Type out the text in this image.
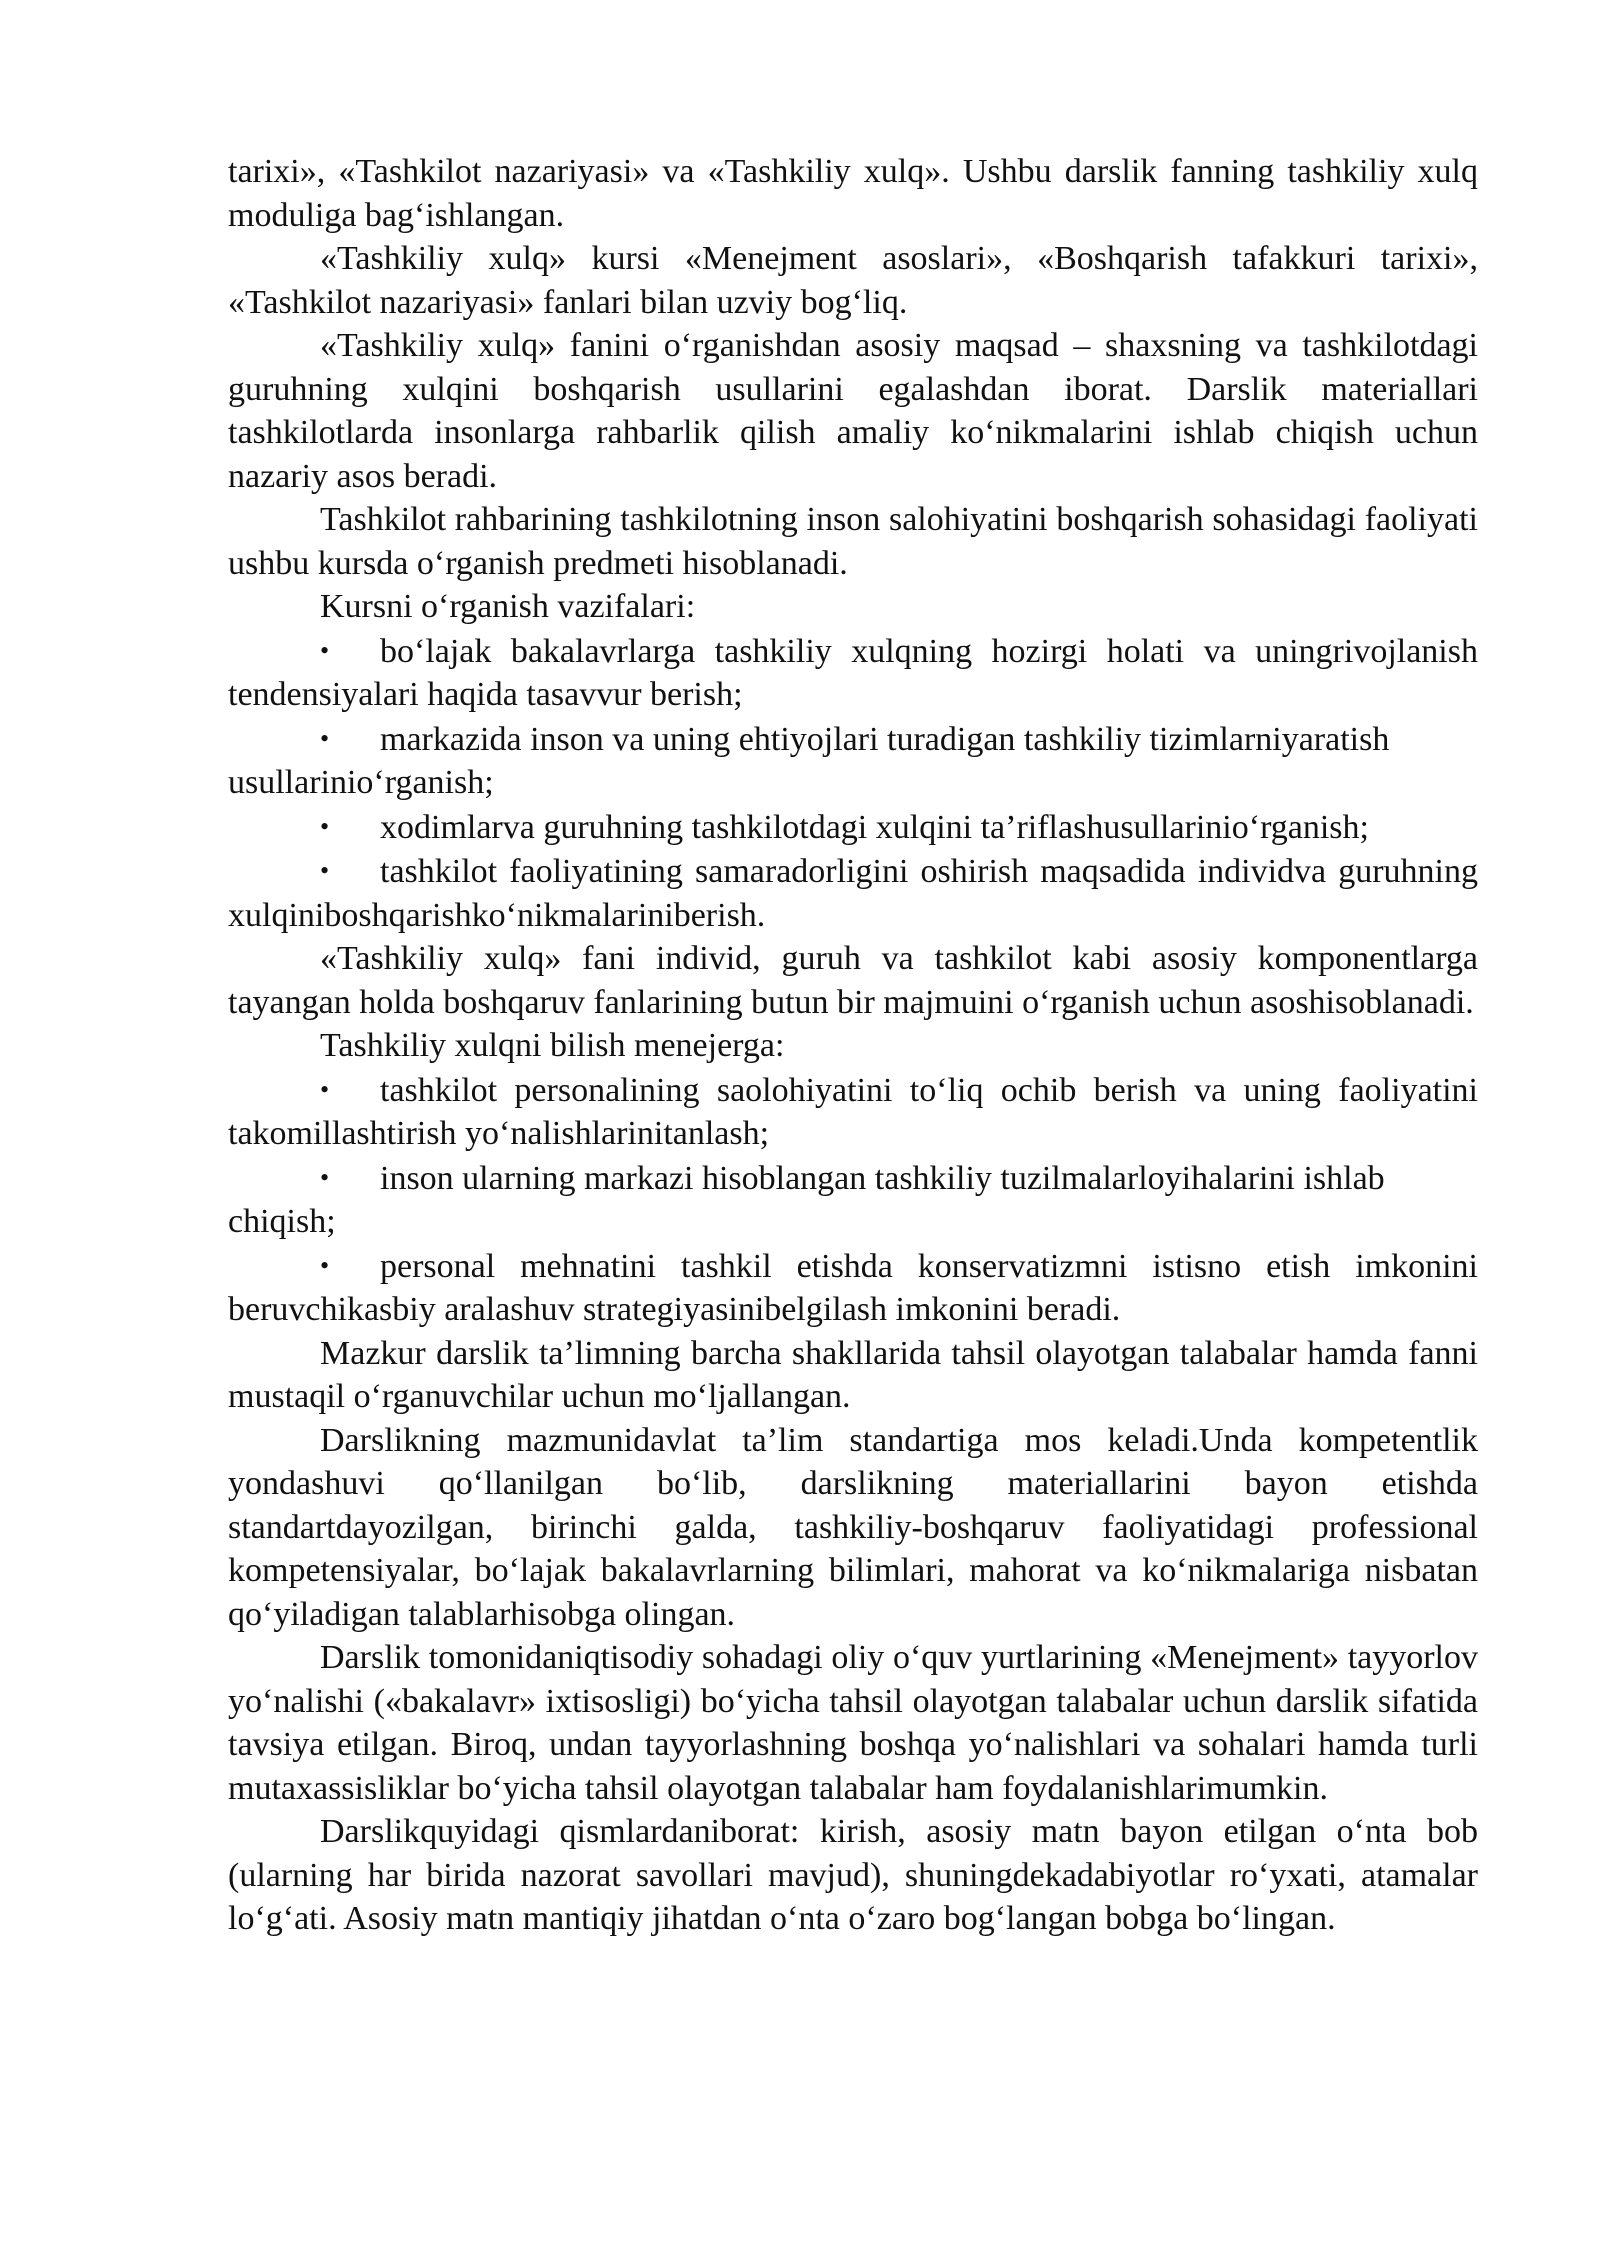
tarixi», «Tashkilot nazariyasi» va «Tashkiliy xulq». Ushbu darslik fanning tashkiliy xulq moduliga bag‘ishlangan.

«Tashkiliy xulq» kursi «Menejment asoslari», «Boshqarish tafakkuri tarixi», «Tashkilot nazariyasi» fanlari bilan uzviy bog‘liq.

«Tashkiliy xulq» fanini o‘rganishdan asosiy maqsad – shaxsning va tashkilotdagi guruhning xulqini boshqarish usullarini egalashdan iborat. Darslik materiallari tashkilotlarda insonlarga rahbarlik qilish amaliy ko‘nikmalarini ishlab chiqish uchun nazariy asos beradi.

Tashkilot rahbarining tashkilotning inson salohiyatini boshqarish sohasidagi faoliyati ushbu kursda o‘rganish predmeti hisoblanadi.

Kursni o‘rganish vazifalari:

• bo‘lajak bakalavrlarga tashkiliy xulqning hozirgi holati va uningrivojlanish tendensiyalari haqida tasavvur berish;

• markazida inson va uning ehtiyojlari turadigan tashkiliy tizimlarniyaratish usullarinio‘rganish;

• xodimlarva guruhning tashkilotdagi xulqini ta’riflashusullarinio‘rganish;

• tashkilot faoliyatining samaradorligini oshirish maqsadida individva guruhning xulqiniboshqarishko‘nikmalariniberish.

«Tashkiliy xulq» fani individ, guruh va tashkilot kabi asosiy komponentlarga tayangan holda boshqaruv fanlarining butun bir majmuini o‘rganish uchun asoshisoblanadi.

Tashkiliy xulqni bilish menejerga:

• tashkilot personalining saolohiyatini to‘liq ochib berish va uning faoliyatini takomillashtirish yo‘nalishlarinitanlash;

• inson ularning markazi hisoblangan tashkiliy tuzilmalarloyihalarini ishlab chiqish;

• personal mehnatini tashkil etishda konservatizmni istisno etish imkonini beruvchikasbiy aralashuv strategiyasinibelgilash imkonini beradi.

Mazkur darslik ta’limning barcha shakllarida tahsil olayotgan talabalar hamda fanni mustaqil o‘rganuvchilar uchun mo‘ljallangan.

Darslikning mazmunidavlat ta’lim standartiga mos keladi.Unda kompetentlik yondashuvi qo‘llanilgan bo‘lib, darslikning materiallarini bayon etishda standartdayozilgan, birinchi galda, tashkiliy-boshqaruv faoliyatidagi professional kompetensiyalar, bo‘lajak bakalavrlarning bilimlari, mahorat va ko‘nikmalariga nisbatan qo‘yiladigan talablarhisobga olingan.

Darslik tomonidaniqtisodiy sohadagi oliy o‘quv yurtlarining «Menejment» tayyorlov yo‘nalishi («bakalavr» ixtisosligi) bo‘yicha tahsil olayotgan talabalar uchun darslik sifatida tavsiya etilgan. Biroq, undan tayyorlashning boshqa yo‘nalishlari va sohalari hamda turli mutaxassisliklar bo‘yicha tahsil olayotgan talabalar ham foydalanishlarimumkin.

Darslikquyidagi qismlardaniborat: kirish, asosiy matn bayon etilgan o‘nta bob (ularning har birida nazorat savollari mavjud), shuningdekadabiyotlar ro‘yxati, atamalar lo‘g‘ati. Asosiy matn mantiqiy jihatdan o‘nta o‘zaro bog‘langan bobga bo‘lingan.
